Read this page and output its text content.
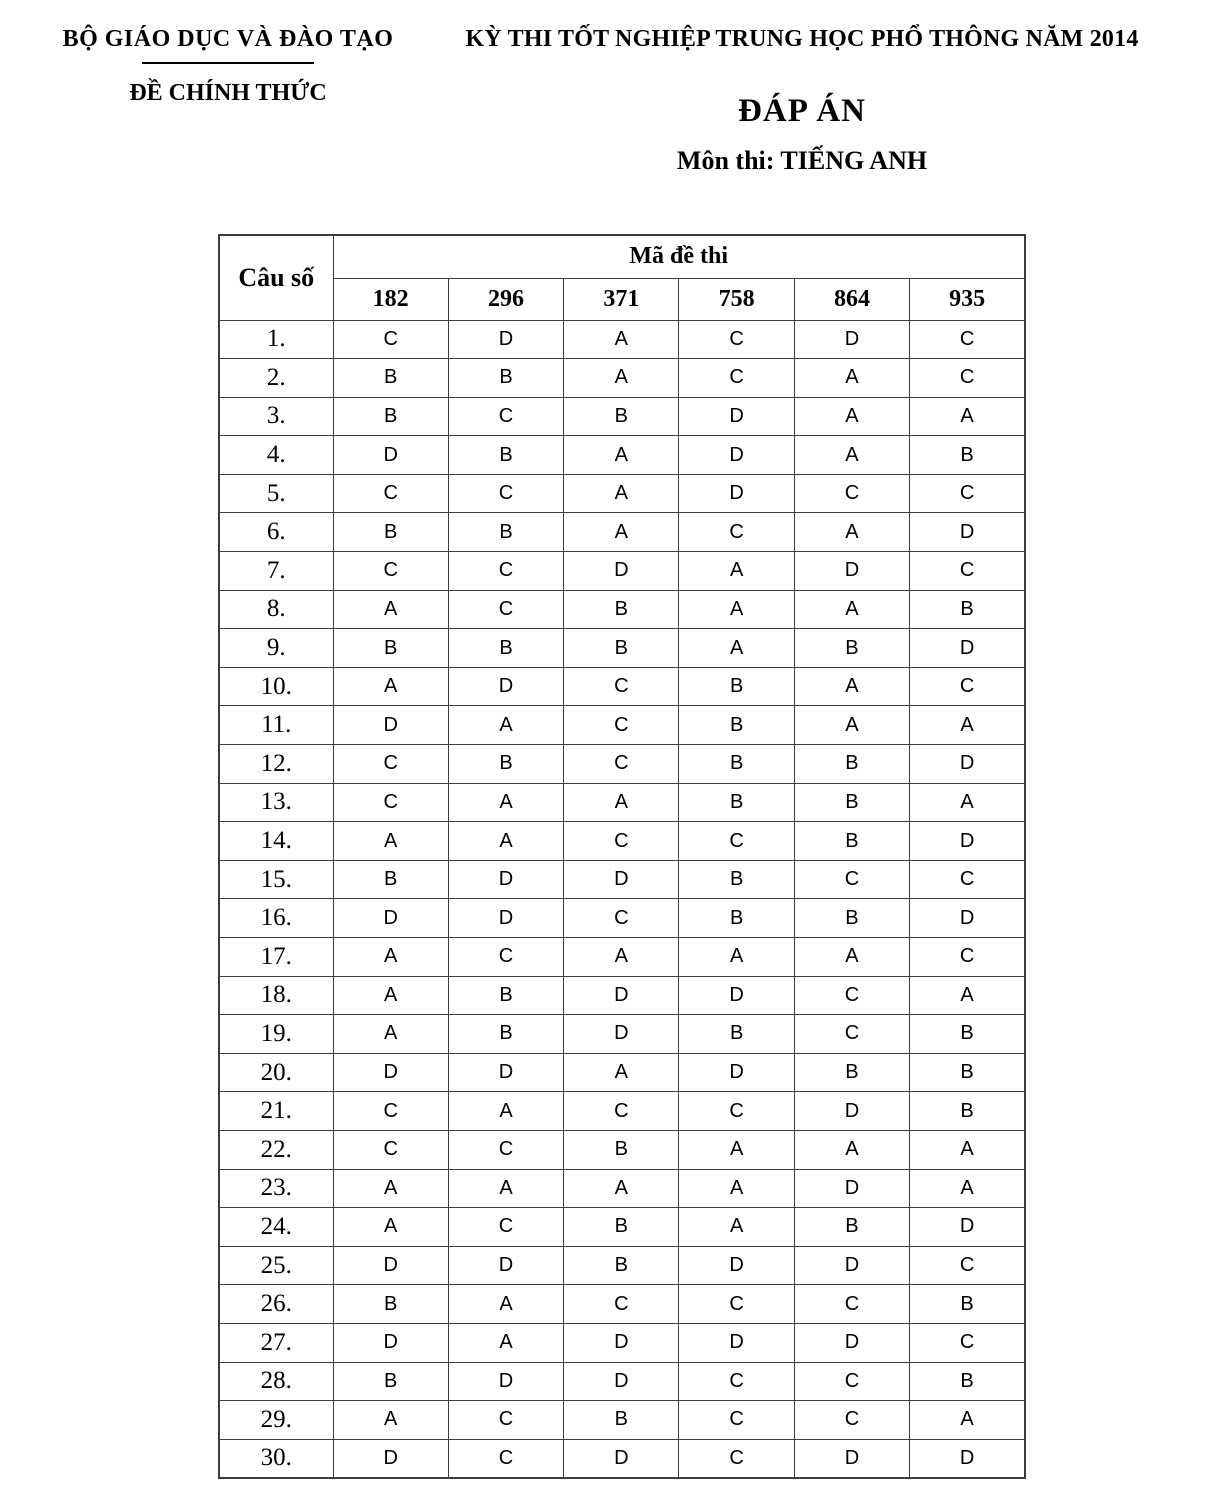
BỘ GIÁO DỤC VÀ ĐÀO TẠO
ĐỀ CHÍNH THỨC
KỲ THI TỐT NGHIỆP TRUNG HỌC PHỔ THÔNG NĂM 2014
ĐÁP ÁN
Môn thi: TIẾNG ANH
Câu số	Mã đề thi					
	182	296	371	758	864	935
1.	C	D	A	C	D	C
2.	B	B	A	C	A	C
3.	B	C	B	D	A	A
4.	D	B	A	D	A	B
5.	C	C	A	D	C	C
6.	B	B	A	C	A	D
7.	C	C	D	A	D	C
8.	A	C	B	A	A	B
9.	B	B	B	A	B	D
10.	A	D	C	B	A	C
11.	D	A	C	B	A	A
12.	C	B	C	B	B	D
13.	C	A	A	B	B	A
14.	A	A	C	C	B	D
15.	B	D	D	B	C	C
16.	D	D	C	B	B	D
17.	A	C	A	A	A	C
18.	A	B	D	D	C	A
19.	A	B	D	B	C	B
20.	D	D	A	D	B	B
21.	C	A	C	C	D	B
22.	C	C	B	A	A	A
23.	A	A	A	A	D	A
24.	A	C	B	A	B	D
25.	D	D	B	D	D	C
26.	B	A	C	C	C	B
27.	D	A	D	D	D	C
28.	B	D	D	C	C	B
29.	A	C	B	C	C	A
30.	D	C	D	C	D	D
